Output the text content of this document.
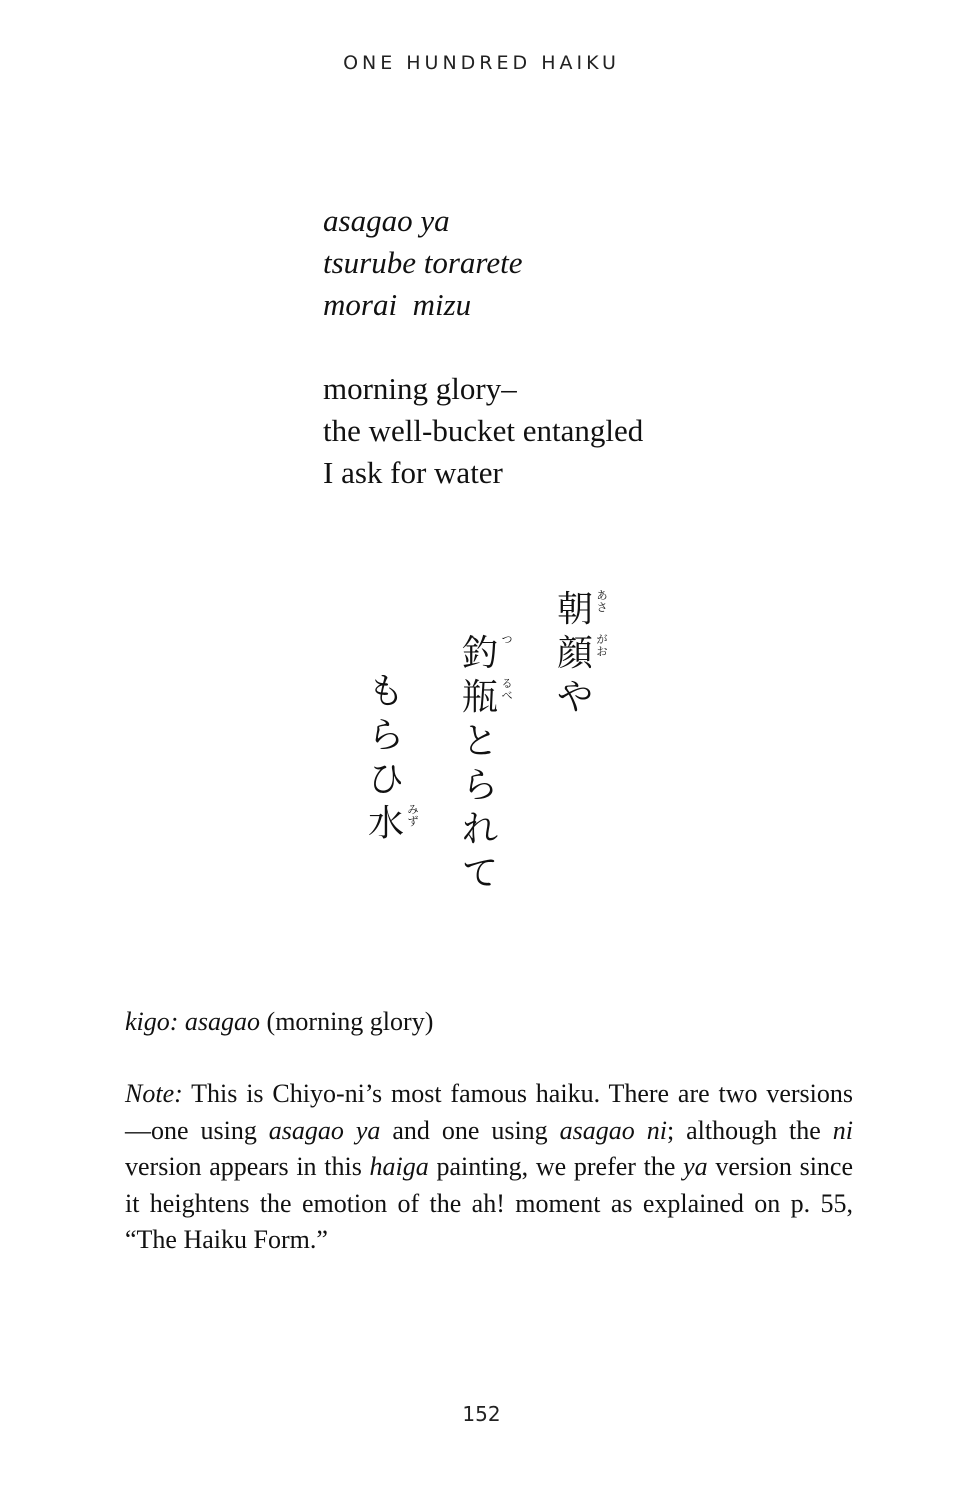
ONE HUNDRED HAIKU
asagao ya
tsurube torarete
morai  mizu
morning glory–
the well-bucket entangled
I ask for water
朝 あさ
顔 がお
や
釣 つ
瓶 るべ
と
ら
れ
て
も
ら
ひ
水 みず
kigo: asagao (morning glory)
Note: This is Chiyo-ni’s most famous haiku. There are two versions—one using asagao ya and one using asagao ni; although the ni version appears in this haiga painting, we prefer the ya version since it heightens the emotion of the ah! moment as explained on p. 55, “The Haiku Form.”
152
